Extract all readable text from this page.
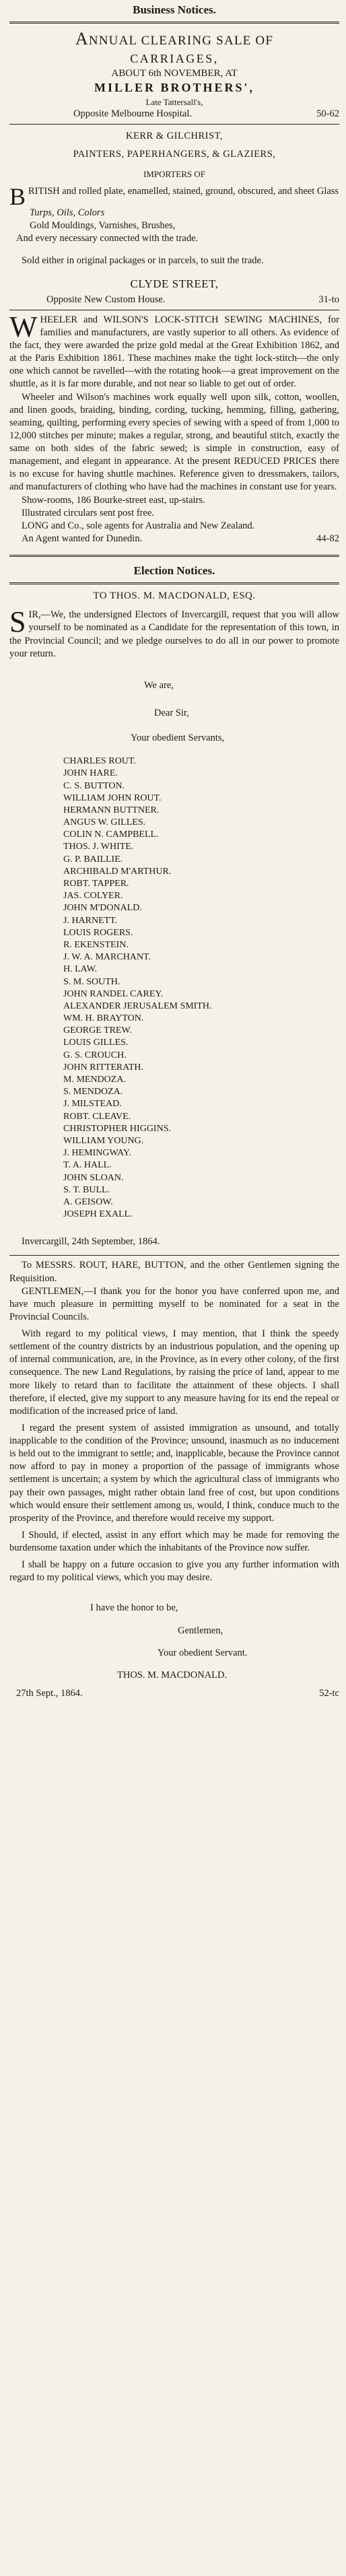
Business Notices.
ANNUAL CLEARING SALE OF
CARRIAGES,
ABOUT 6th NOVEMBER, AT
MILLER BROTHERS',
Late Tattersall's,
Opposite Melbourne Hospital.	50-62
KERR & GILCHRIST,
PAINTERS, PAPERHANGERS, & GLAZIERS,
IMPORTERS OF
BRITISH and rolled plate, enamelled, stained, ground, obscured, and sheet Glass
Turps, Oils, Colors
Gold Mouldings, Varnishes, Brushes,
And every necessary connected with the trade.
Sold either in original packages or in parcels, to suit the trade.
CLYDE STREET,
Opposite New Custom House.	31-to
WHEELER and WILSON'S LOCK-STITCH SEWING MACHINES, for families and manufacturers, are vastly superior to all others. As evidence of the fact, they were awarded the prize gold medal at the Great Exhibition 1862, and at the Paris Exhibition 1861. These machines make the tight lock-stitch—the only one which cannot be ravelled—with the rotating hook—a great improvement on the shuttle, as it is far more durable, and not near so liable to get out of order.

Wheeler and Wilson's machines work equally well upon silk, cotton, woollen, and linen goods, braiding, binding, cording, tucking, hemming, filling, gathering, seaming, quilting, performing every species of sewing with a speed of from 1,000 to 12,000 stitches per minute; makes a regular, strong, and beautiful stitch, exactly the same on both sides of the fabric sewed; is simple in construction, easy of management, and elegant in appearance. At the present REDUCED PRICES there is no excuse for having shuttle machines. Reference given to dressmakers, tailors, and manufacturers of clothing who have had the machines in constant use for years.

Show-rooms, 186 Bourke-street east, up-stairs.

Illustrated circulars sent post free.

LONG and Co., sole agents for Australia and New Zealand.

An Agent wanted for Dunedin.	44-82
Election Notices.
TO THOS. M. MACDONALD, ESQ.
SIR,—We, the undersigned Electors of Invercargill, request that you will allow yourself to be nominated as a Candidate for the representation of this town, in the Provincial Council; and we pledge ourselves to do all in our power to promote your return.
We are,
Dear Sir,
Your obedient Servants,
CHARLES ROUT.
JOHN HARE.
C. S. BUTTON.
WILLIAM JOHN ROUT.
HERMANN BUTTNER.
ANGUS W. GILLES.
COLIN N. CAMPBELL.
THOS. J. WHITE.
G. P. BAILLIE.
ARCHIBALD M'ARTHUR.
ROBT. TAPPER.
JAS. COLYER.
JOHN M'DONALD.
J. HARNETT.
LOUIS ROGERS.
R. EKENSTEIN.
J. W. A. MARCHANT.
H. LAW.
S. M. SOUTH.
JOHN RANDEL CAREY.
ALEXANDER JERUSALEM SMITH.
WM. H. BRAYTON.
GEORGE TREW.
LOUIS GILLES.
G. S. CROUCH.
JOHN RITTERATH.
M. MENDOZA.
S. MENDOZA.
J. MILSTEAD.
ROBT. CLEAVE.
CHRISTOPHER HIGGINS.
WILLIAM YOUNG.
J. HEMINGWAY.
T. A. HALL.
JOHN SLOAN.
S. T. BULL.
A. GEISOW.
JOSEPH EXALL.
Invercargill, 24th September, 1864.

To MESSRS. ROUT, HARE, BUTTON, and the other Gentlemen signing the Requisition.

GENTLEMEN,—I thank you for the honor you have conferred upon me, and have much pleasure in permitting myself to be nominated for a seat in the Provincial Councils.

With regard to my political views, I may mention, that I think the speedy settlement of the country districts by an industrious population, and the opening up of internal communication, are, in the Province, as in every other colony, of the first consequence. The new Land Regulations, by raising the price of land, appear to me more likely to retard than to facilitate the attainment of these objects. I shall therefore, if elected, give my support to any measure having for its end the repeal or modification of the increased price of land.

I regard the present system of assisted immigration as unsound, and totally inapplicable to the condition of the Province; unsound, inasmuch as no inducement is held out to the immigrant to settle; and, inapplicable, because the Province cannot now afford to pay in money a proportion of the passage of immigrants whose settlement is uncertain; a system by which the agricultural class of immigrants who pay their own passages, might rather obtain land free of cost, but upon conditions which would ensure their settlement among us, would, I think, conduce much to the prosperity of the Province, and therefore would receive my support.

I Should, if elected, assist in any effort which may be made for removing the burdensome taxation under which the inhabitants of the Province now suffer.

I shall be happy on a future occasion to give you any further information with regard to my political views, which you may desire.

I have the honor to be,
Gentlemen,
Your obedient Servant.
THOS. M. MACDONALD.
27th Sept., 1864.	52-tc
